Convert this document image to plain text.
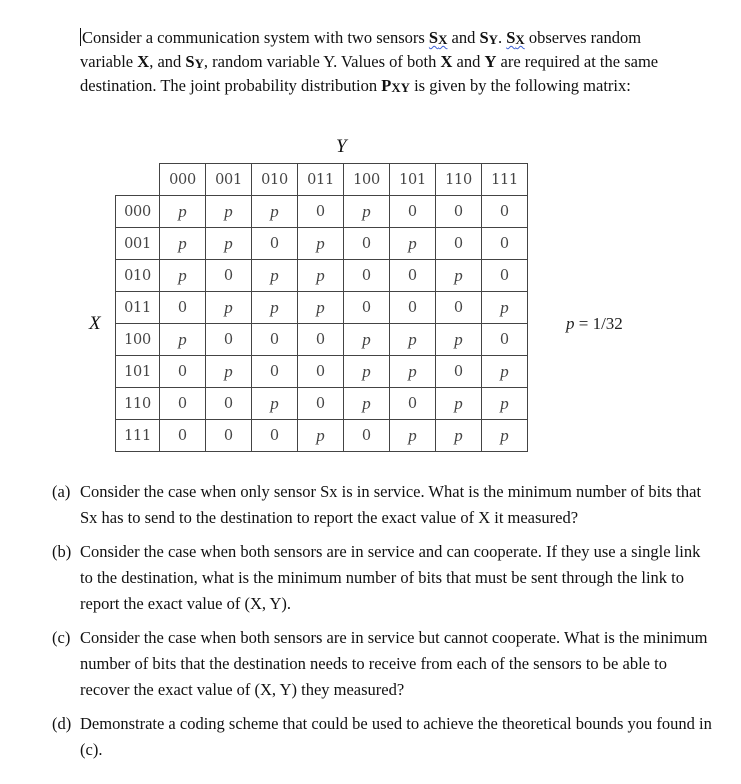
Consider a communication system with two sensors SX and SY. SX observes random

variable X, and SY, random variable Y. Values of both X and Y are required at the same

destination. The joint probability distribution PXY is given by the following matrix:

Y
X	p = 1/32
	000	001	010	011	100	101	110	111
000	p	p	p	0	p	0	0	0
001	p	p	0	p	0	p	0	0
010	p	0	p	p	0	0	p	0
011	0	p	p	p	0	0	0	p
100	p	0	0	0	p	p	p	0
101	0	p	0	0	p	p	0	p
110	0	0	p	0	p	0	p	p
111	0	0	0	p	0	p	p	p
(a) Consider the case when only sensor Sx is in service. What is the minimum number of bits that Sx has to send to the destination to report the exact value of X it measured?
(b) Consider the case when both sensors are in service and can cooperate. If they use a single link to the destination, what is the minimum number of bits that must be sent through the link to report the exact value of (X, Y).
(c) Consider the case when both sensors are in service but cannot cooperate. What is the minimum number of bits that the destination needs to receive from each of the sensors to be able to recover the exact value of (X, Y) they measured?
(d) Demonstrate a coding scheme that could be used to achieve the theoretical bounds you found in (c).
